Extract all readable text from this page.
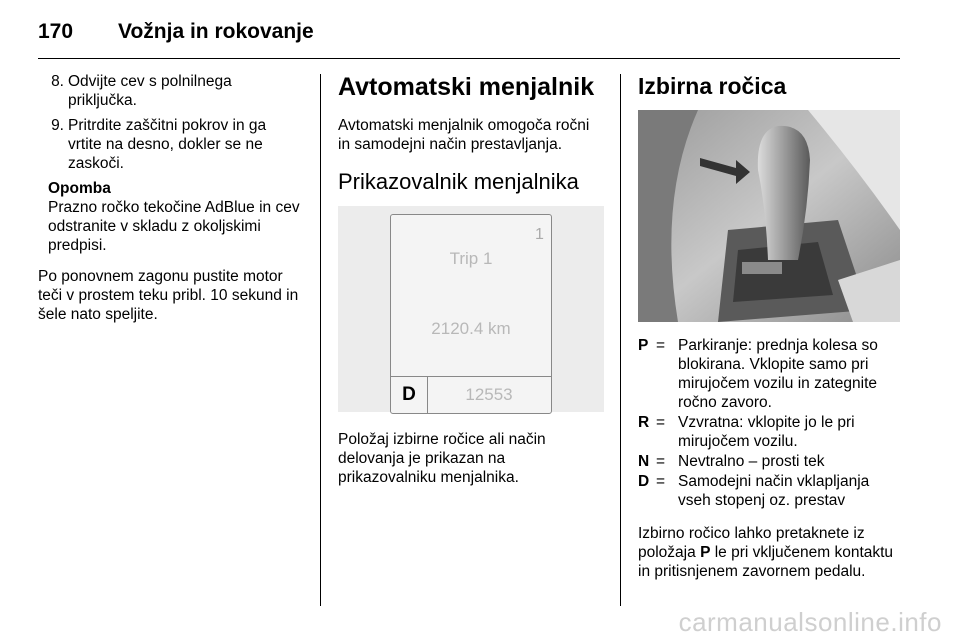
170 Vožnja in rokovanje
8. Odvijte cev s polnilnega priključka.
9. Pritrdite zaščitni pokrov in ga vrtite na desno, dokler se ne zaskoči.
Opomba

Prazno ročko tekočine AdBlue in cev odstranite v skladu z okoljskimi predpisi.

Po ponovnem zagonu pustite motor teči v prostem teku pribl. 10 sekund in šele nato speljite.

Avtomatski menjalnik

Avtomatski menjalnik omogoča ročni in samodejni način prestavljanja.

Prikazovalnik menjalnika
1
Trip 1
2120.4 km
D	12553

Položaj izbirne ročice ali način delovanja je prikazan na prikazovalniku menjalnika.

Izbirna ročica
P = Parkiranje: prednja kolesa so blokirana. Vklopite samo pri mirujočem vozilu in zategnite ročno zavoro.
R = Vzvratna: vklopite jo le pri mirujočem vozilu.
N = Nevtralno – prosti tek
D = Samodejni način vklapljanja vseh stopenj oz. prestav

Izbirno ročico lahko pretaknete iz položaja P le pri vključenem kontaktu in pritisnjenem zavornem pedalu.

carmanualsonline.info
